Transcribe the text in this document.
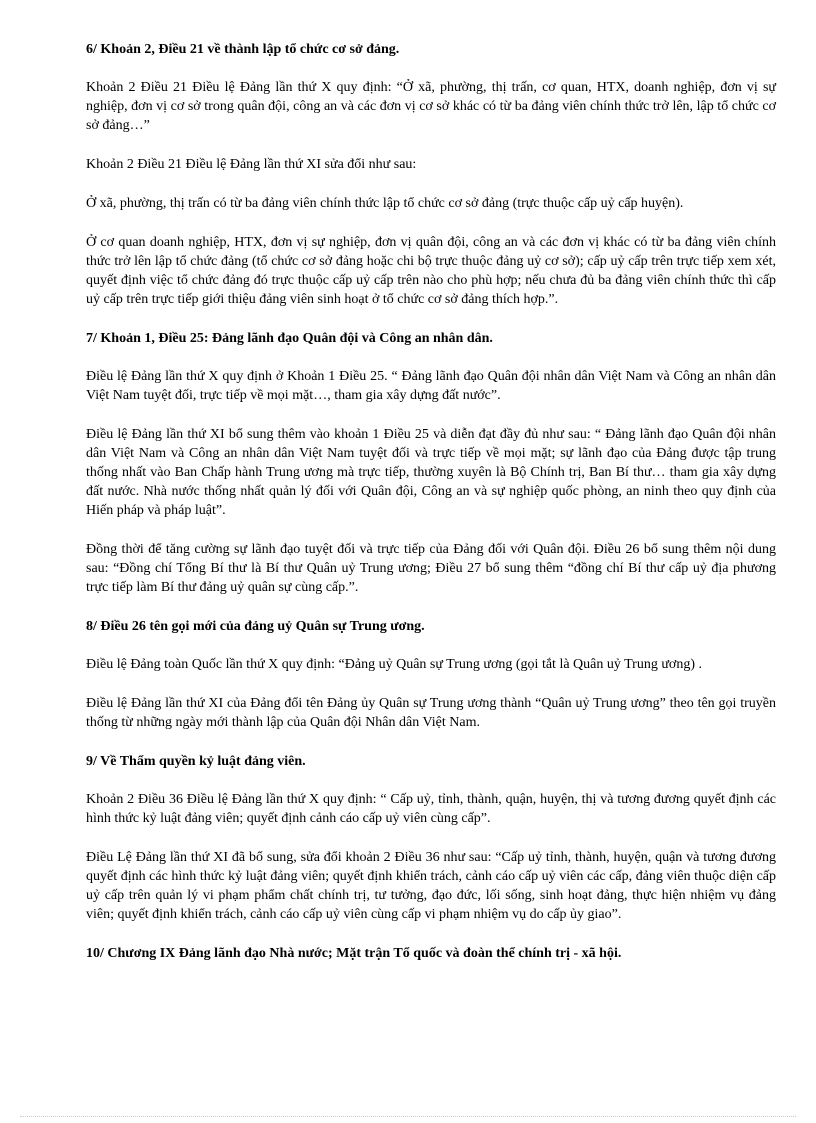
6/ Khoản 2, Điều 21 về thành lập tổ chức cơ sở đảng.

Khoản 2 Điều 21 Điều lệ Đảng lần thứ X quy định: “Ở xã, phường, thị trấn, cơ quan, HTX, doanh nghiệp, đơn vị sự nghiệp, đơn vị cơ sở trong quân đội, công an và các đơn vị cơ sở khác có từ ba đảng viên chính thức trở lên, lập tổ chức cơ sở đảng…”

Khoản 2 Điều 21 Điều lệ Đảng lần thứ XI sửa đổi như sau:

Ở xã, phường, thị trấn có từ ba đảng viên chính thức lập tổ chức cơ sở đảng (trực thuộc cấp uỷ cấp huyện).

Ở cơ quan doanh nghiệp, HTX, đơn vị sự nghiệp, đơn vị quân đội, công an và các đơn vị khác có từ ba đảng viên chính thức trở lên lập tổ chức đảng (tổ chức cơ sở đảng hoặc chi bộ trực thuộc đảng uỷ cơ sở); cấp uỷ cấp trên trực tiếp xem xét, quyết định việc tổ chức đảng đó trực thuộc cấp uỷ cấp trên nào cho phù hợp; nếu chưa đủ ba đảng viên chính thức thì cấp uỷ cấp trên trực tiếp giới thiệu đảng viên sinh hoạt ở tổ chức cơ sở đảng thích hợp.”.

7/ Khoản 1, Điều 25: Đảng lãnh đạo Quân đội và Công an nhân dân.

Điều lệ Đảng lần thứ X quy định ở Khoản 1 Điều 25. “ Đảng lãnh đạo Quân đội nhân dân Việt Nam và Công an nhân dân Việt Nam tuyệt đối, trực tiếp về mọi mặt…, tham gia xây dựng đất nước”.

Điều lệ Đảng lần thứ XI bổ sung thêm vào khoản 1 Điều 25 và diễn đạt đầy đủ như sau: “ Đảng lãnh đạo Quân đội nhân dân Việt Nam và Công an nhân dân Việt Nam tuyệt đối và trực tiếp về mọi mặt; sự lãnh đạo của Đảng được tập trung thống nhất vào Ban Chấp hành Trung ương mà trực tiếp, thường xuyên là Bộ Chính trị, Ban Bí thư… tham gia xây dựng đất nước. Nhà nước thống nhất quản lý đối với Quân đội, Công an và sự nghiệp quốc phòng, an ninh theo quy định của Hiến pháp và pháp luật”.

Đồng thời để tăng cường sự lãnh đạo tuyệt đối và trực tiếp của Đảng đối với Quân đội. Điều 26 bổ sung thêm nội dung sau: “Đồng chí Tổng Bí thư là Bí thư Quân uỷ Trung ương; Điều 27 bổ sung thêm “đồng chí Bí thư cấp uỷ địa phương trực tiếp làm Bí thư đảng uỷ quân sự cùng cấp.”.

8/ Điều 26 tên gọi mới của đảng uỷ Quân sự Trung ương.

Điều lệ Đảng toàn Quốc lần thứ X quy định: “Đảng uỷ Quân sự Trung ương (gọi tắt là Quân uỷ Trung ương) .

Điều lệ Đảng lần thứ XI của Đảng đổi tên Đảng ủy Quân sự Trung ương thành “Quân uỷ Trung ương” theo tên gọi truyền thống từ những ngày mới thành lập của Quân đội Nhân dân Việt Nam.

9/ Về Thẩm quyền kỷ luật đảng viên.

Khoản 2 Điều 36 Điều lệ Đảng lần thứ X quy định: “ Cấp uỷ, tỉnh, thành, quận, huyện, thị và tương đương quyết định các hình thức kỷ luật đảng viên; quyết định cảnh cáo cấp uỷ viên cùng cấp”.

Điều Lệ Đảng lần thứ XI đã bổ sung, sửa đổi khoản 2 Điều 36 như sau: “Cấp uỷ tỉnh, thành, huyện, quận và tương đương quyết định các hình thức kỷ luật đảng viên; quyết định khiển trách, cảnh cáo cấp uỷ viên các cấp, đảng viên thuộc diện cấp uỷ cấp trên quản lý vi phạm phẩm chất chính trị, tư tưởng, đạo đức, lối sống, sinh hoạt đảng, thực hiện nhiệm vụ đảng viên; quyết định khiển trách, cảnh cáo cấp uỷ viên cùng cấp vi phạm nhiệm vụ do cấp ủy giao”.

10/ Chương IX Đảng lãnh đạo Nhà nước; Mặt trận Tổ quốc và đoàn thể chính trị - xã hội.
